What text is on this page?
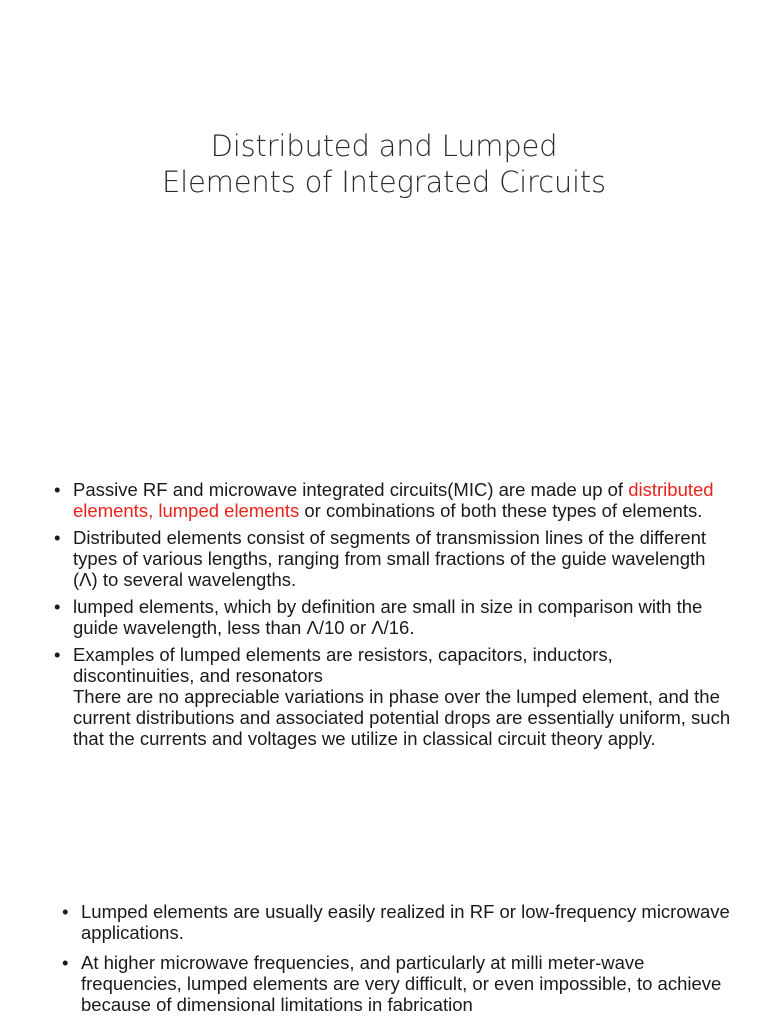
Distributed and Lumped
Elements of Integrated Circuits
• Passive RF and microwave integrated circuits(MIC) are made up of distributed elements, lumped elements or combinations of both these types of elements.
• Distributed elements consist of segments of transmission lines of the different types of various lengths, ranging from small fractions of the guide wavelength (Λ) to several wavelengths.
• lumped elements, which by definition are small in size in comparison with the guide wavelength, less than Λ/10 or Λ/16.
• Examples of lumped elements are resistors, capacitors, inductors, discontinuities, and resonators
There are no appreciable variations in phase over the lumped element, and the current distributions and associated potential drops are essentially uniform, such that the currents and voltages we utilize in classical circuit theory apply.
• Lumped elements are usually easily realized in RF or low-frequency microwave applications.
• At higher microwave frequencies, and particularly at milli meter-wave frequencies, lumped elements are very difficult, or even impossible, to achieve because of dimensional limitations in fabrication
